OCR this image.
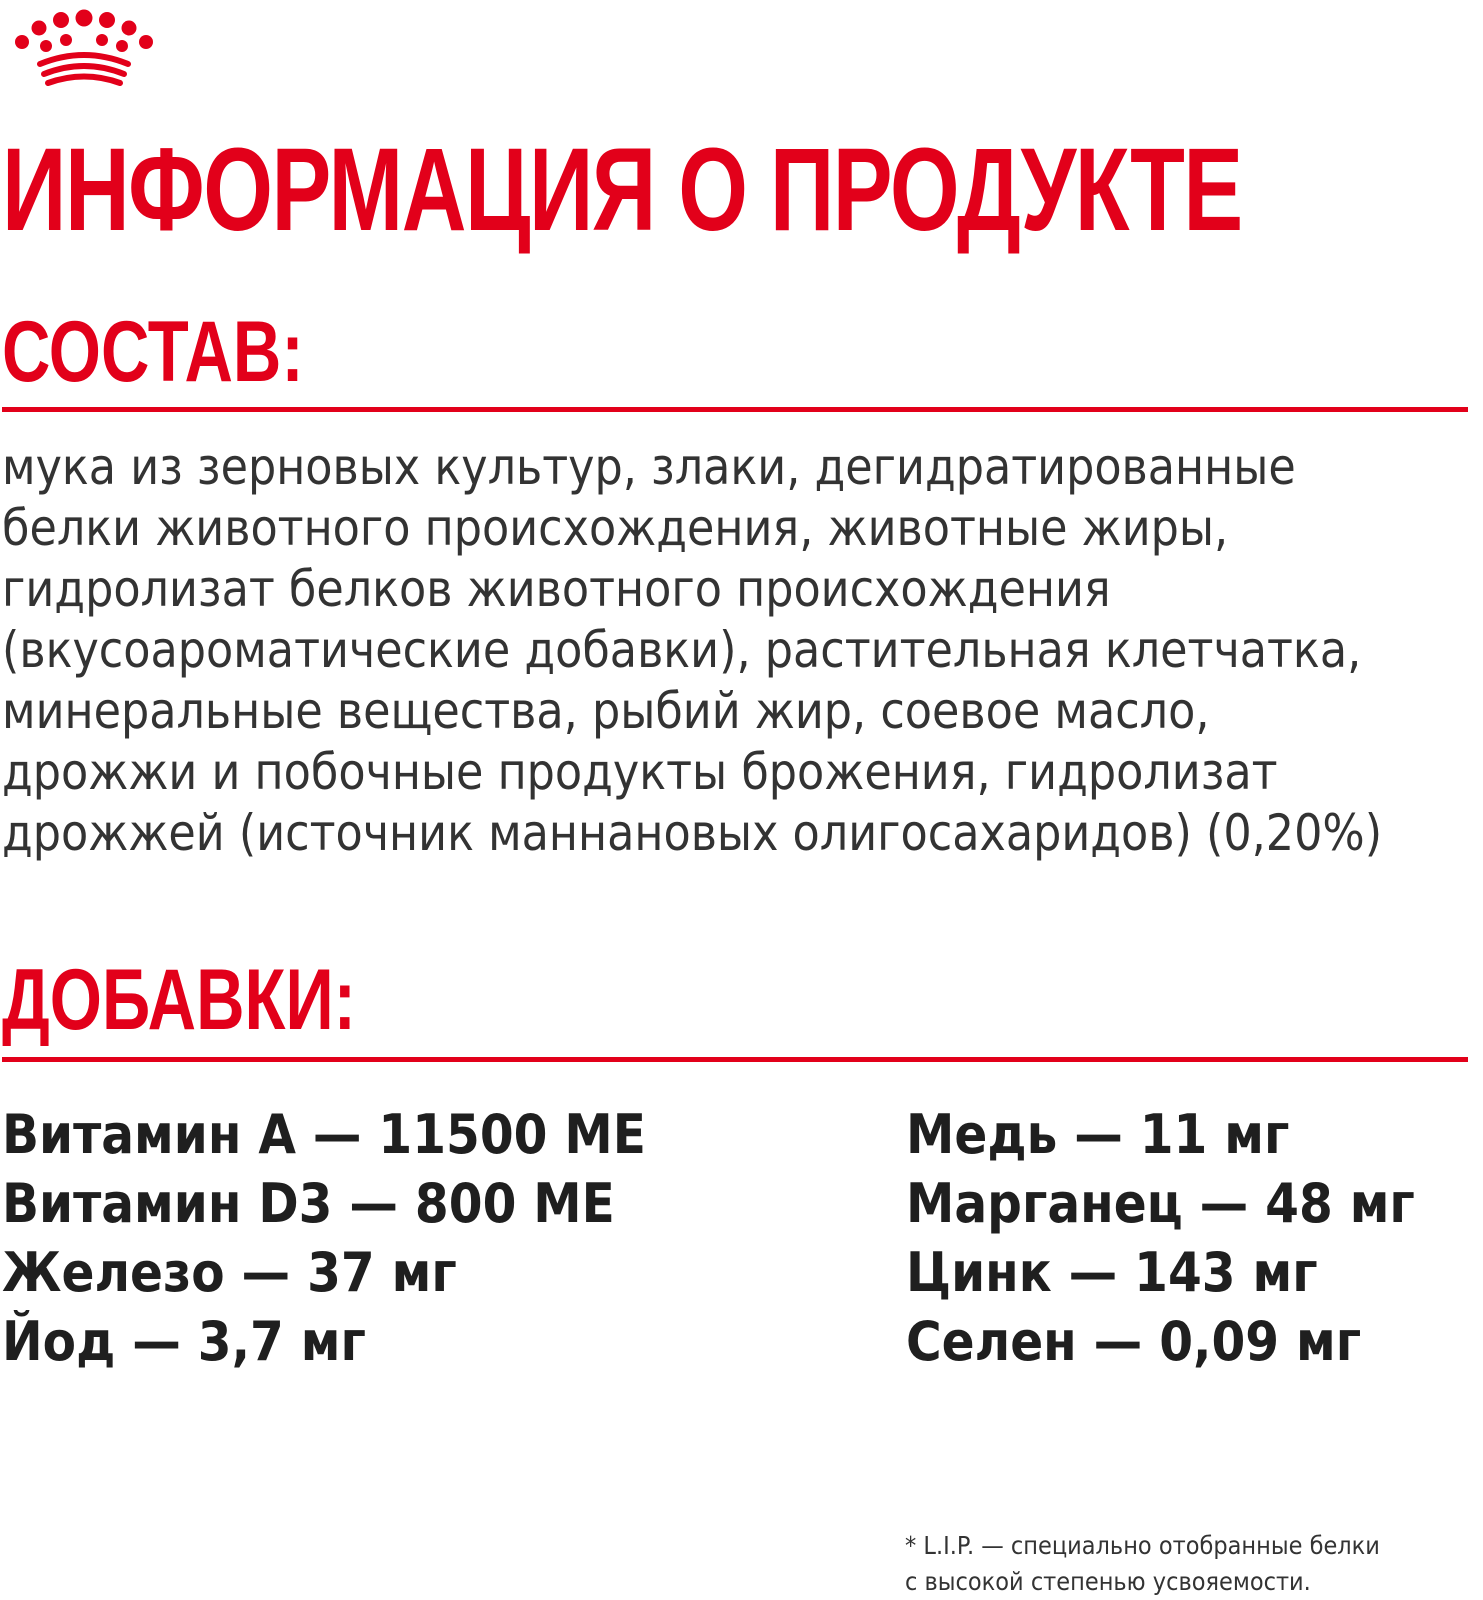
ИНФОРМАЦИЯ О ПРОДУКТЕ
СОСТАВ:
мука из зерновых культур, злаки, дегидратированные
белки животного происхождения, животные жиры,
гидролизат белков животного происхождения
(вкусоароматические добавки), растительная клетчатка,
минеральные вещества, рыбий жир, соевое масло,
дрожжи и побочные продукты брожения, гидролизат
дрожжей (источник маннановых олигосахаридов) (0,20%)
ДОБАВКИ:
Витамин A — 11500 МЕ
Витамин D3 — 800 МЕ
Железо — 37 мг
Йод — 3,7 мг
Медь — 11 мг
Марганец — 48 мг
Цинк — 143 мг
Селен — 0,09 мг
* L.I.P. — специально отобранные белки
с высокой степенью усвояемости.
